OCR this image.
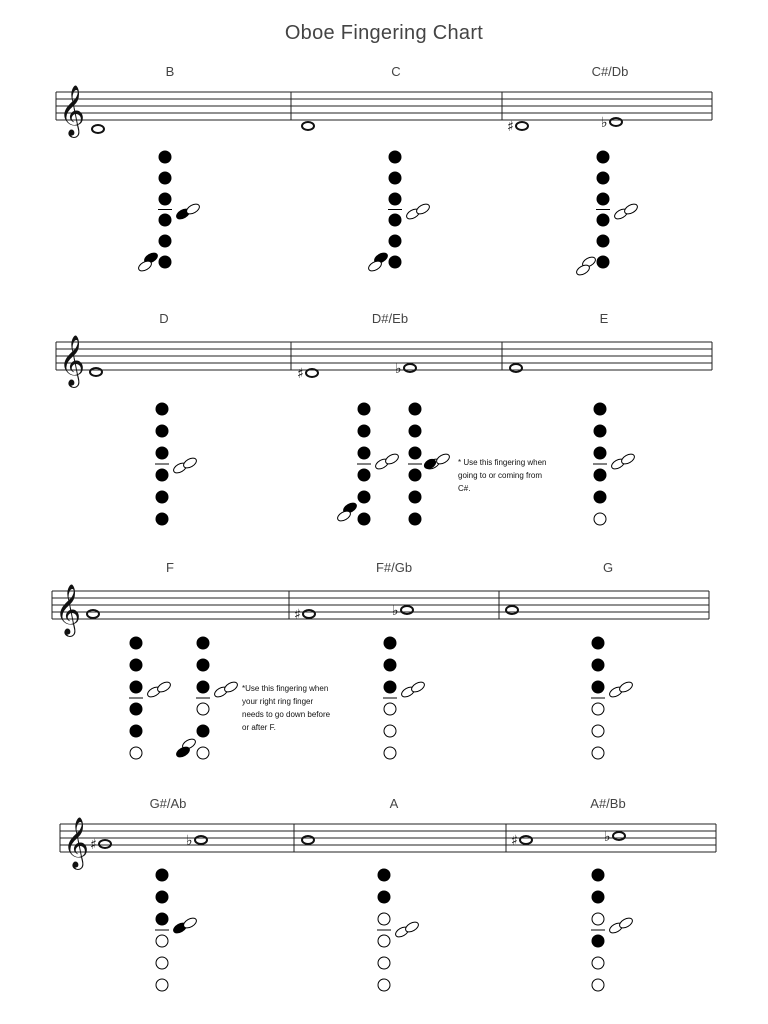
Oboe Fingering Chart
B	C	C#/Db
D	D#/Eb	E
F	F#/Gb	G
G#/Ab	A	A#/Bb
* Use this fingering when going to or coming from C#.
*Use this fingering when your right ring finger needs to go down before or after F.
𝄞
𝄞
𝄞
𝄞
♯	♭
♯	♭
♯	♭
♯	♭	♯	♭
